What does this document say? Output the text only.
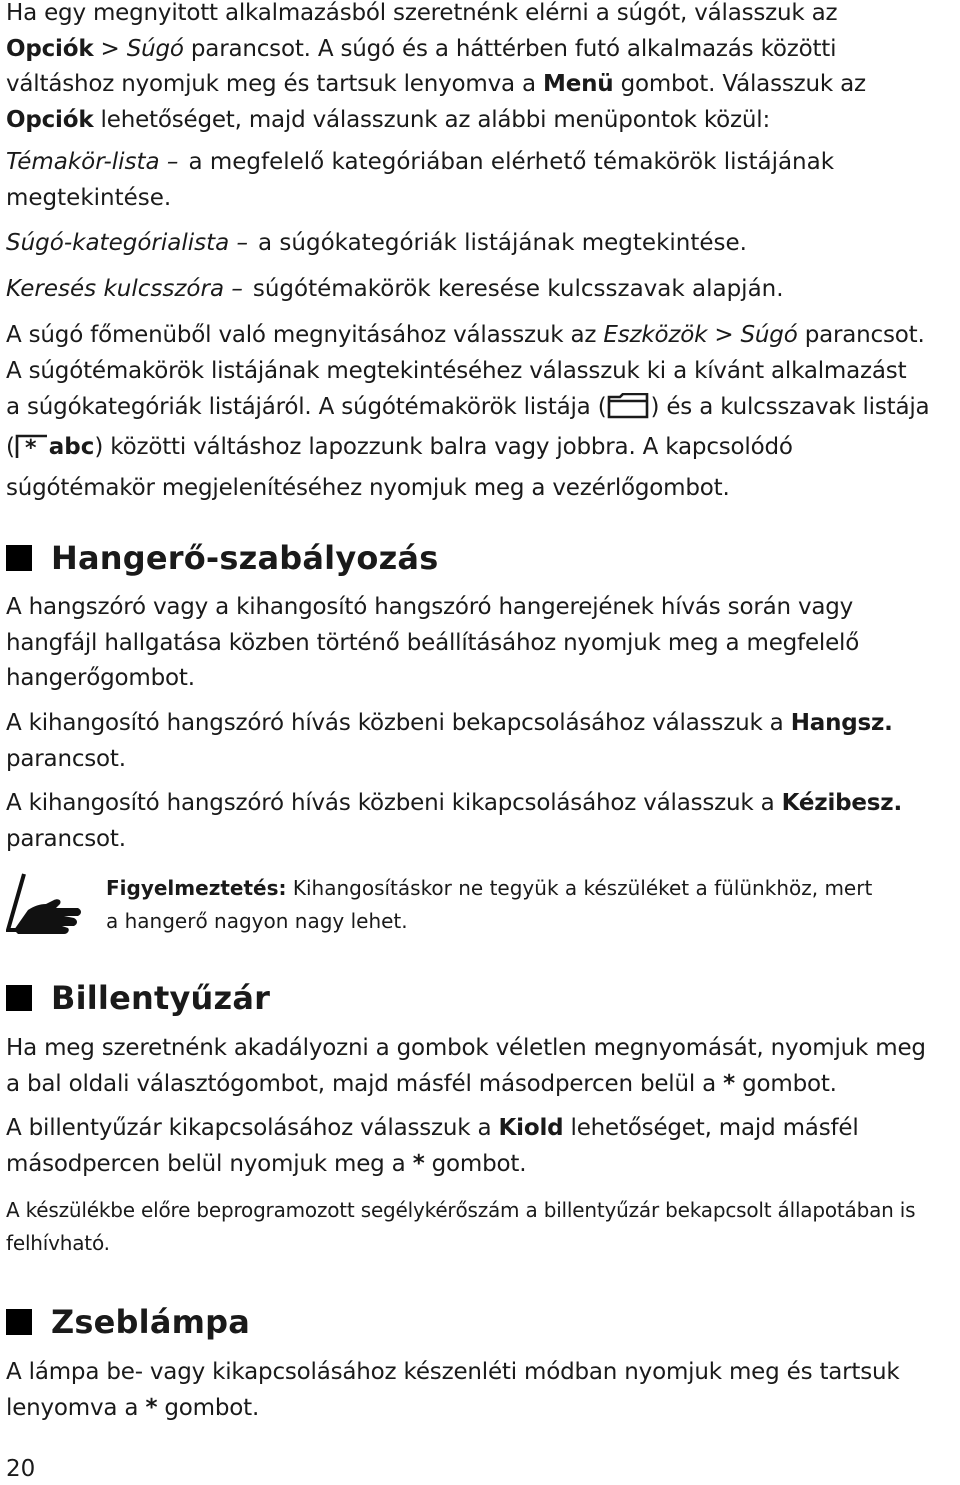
Ha egy megnyitott alkalmazásból szeretnénk elérni a súgót, válasszuk az
Opciók > Súgó parancsot. A súgó és a háttérben futó alkalmazás közötti
váltáshoz nyomjuk meg és tartsuk lenyomva a Menü gombot. Válasszuk az
Opciók lehetőséget, majd válasszunk az alábbi menüpontok közül:

Témakör-lista – a megfelelő kategóriában elérhető témakörök listájának
megtekintése.
Súgó-kategórialista – a súgókategóriák listájának megtekintése.
Keresés kulcsszóra – súgótémakörök keresése kulcsszavak alapján.

A súgó főmenüből való megnyitásához válasszuk az Eszközök > Súgó parancsot.

A súgótémakörök listájának megtekintéséhez válasszuk ki a kívánt alkalmazást
a súgókategóriák listájáról. A súgótémakörök listája ( ) és a kulcsszavak listája
( * abc) közötti váltáshoz lapozzunk balra vagy jobbra. A kapcsolódó
súgótémakör megjelenítéséhez nyomjuk meg a vezérlőgombot.

Hangerő-szabályozás

A hangszóró vagy a kihangosító hangszóró hangerejének hívás során vagy
hangfájl hallgatása közben történő beállításához nyomjuk meg a megfelelő
hangerőgombot.

A kihangosító hangszóró hívás közbeni bekapcsolásához válasszuk a Hangsz.
parancsot.

A kihangosító hangszóró hívás közbeni kikapcsolásához válasszuk a Kézibesz.
parancsot.

Figyelmeztetés: Kihangosításkor ne tegyük a készüléket a fülünkhöz, mert
a hangerő nagyon nagy lehet.
Billentyűzár

Ha meg szeretnénk akadályozni a gombok véletlen megnyomását, nyomjuk meg
a bal oldali választógombot, majd másfél másodpercen belül a * gombot.

A billentyűzár kikapcsolásához válasszuk a Kiold lehetőséget, majd másfél
másodpercen belül nyomjuk meg a * gombot.

A készülékbe előre beprogramozott segélykérőszám a billentyűzár bekapcsolt állapotában is
felhívható.

Zseblámpa

A lámpa be- vagy kikapcsolásához készenléti módban nyomjuk meg és tartsuk
lenyomva a * gombot.

20
